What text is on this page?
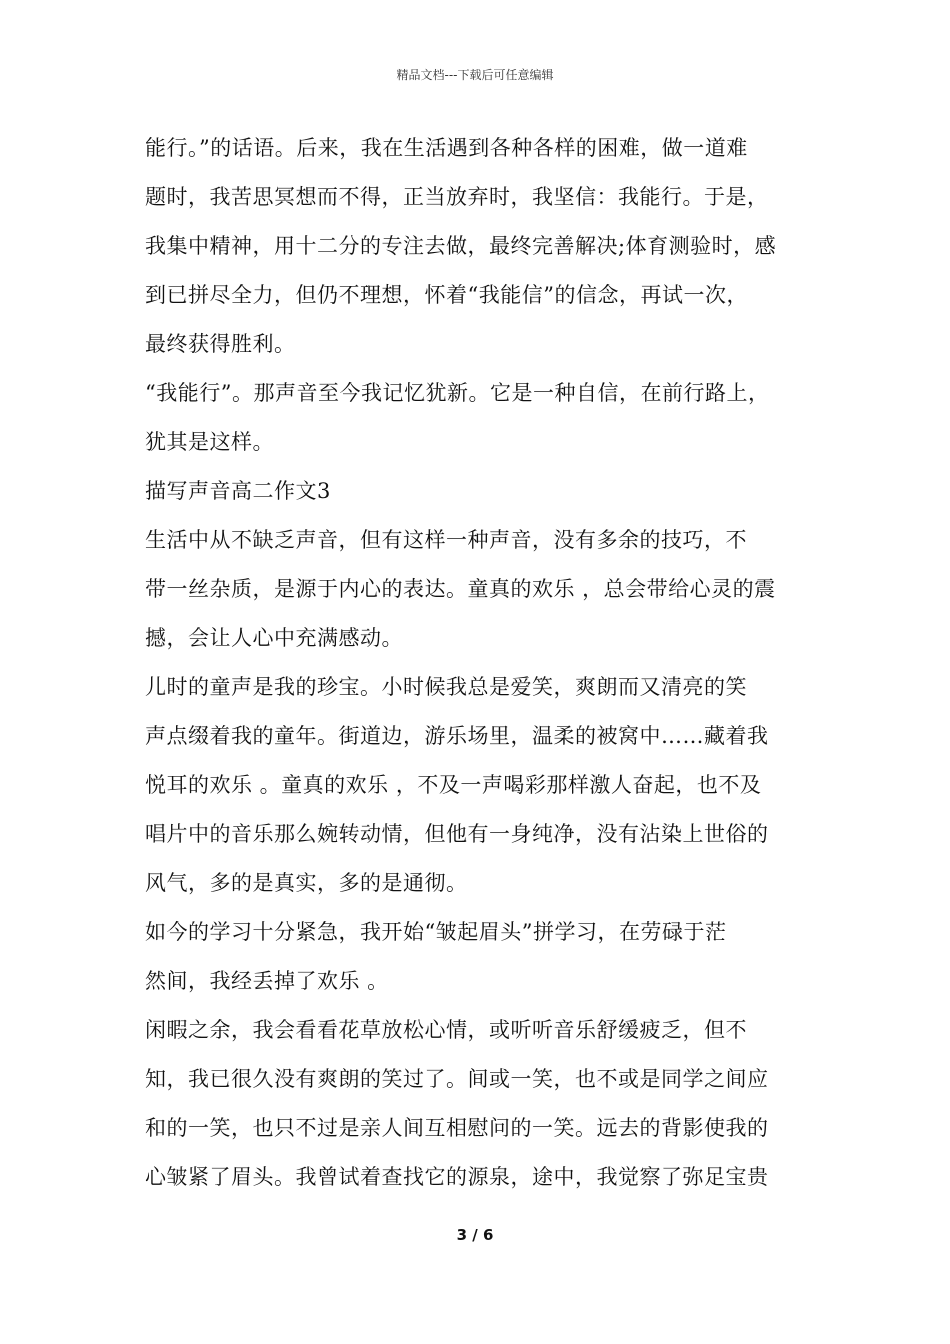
精品文档---下载后可任意编辑
能行。”的话语。后来，我在生活遇到各种各样的困难，做一道难
题时，我苦思冥想而不得，正当放弃时，我坚信：我能行。于是，
我集中精神，用十二分的专注去做，最终完善解决;体育测验时，感
到已拼尽全力，但仍不理想，怀着“我能信”的信念，再试一次，
最终获得胜利。
“我能行”。那声音至今我记忆犹新。它是一种自信，在前行路上，
犹其是这样。
描写声音高二作文3
生活中从不缺乏声音，但有这样一种声音，没有多余的技巧，不
带一丝杂质，是源于内心的表达。童真的欢乐 ，总会带给心灵的震
撼，会让人心中充满感动。
儿时的童声是我的珍宝。小时候我总是爱笑，爽朗而又清亮的笑
声点缀着我的童年。街道边，游乐场里，温柔的被窝中……藏着我
悦耳的欢乐 。童真的欢乐 ，不及一声喝彩那样激人奋起，也不及
唱片中的音乐那么婉转动情，但他有一身纯净，没有沾染上世俗的
风气，多的是真实，多的是通彻。
如今的学习十分紧急，我开始“皱起眉头”拼学习，在劳碌于茫
然间，我经丢掉了欢乐 。
闲暇之余，我会看看花草放松心情，或听听音乐舒缓疲乏，但不
知，我已很久没有爽朗的笑过了。间或一笑，也不或是同学之间应
和的一笑，也只不过是亲人间互相慰问的一笑。远去的背影使我的
心皱紧了眉头。我曾试着查找它的源泉，途中，我觉察了弥足宝贵
3 / 6
